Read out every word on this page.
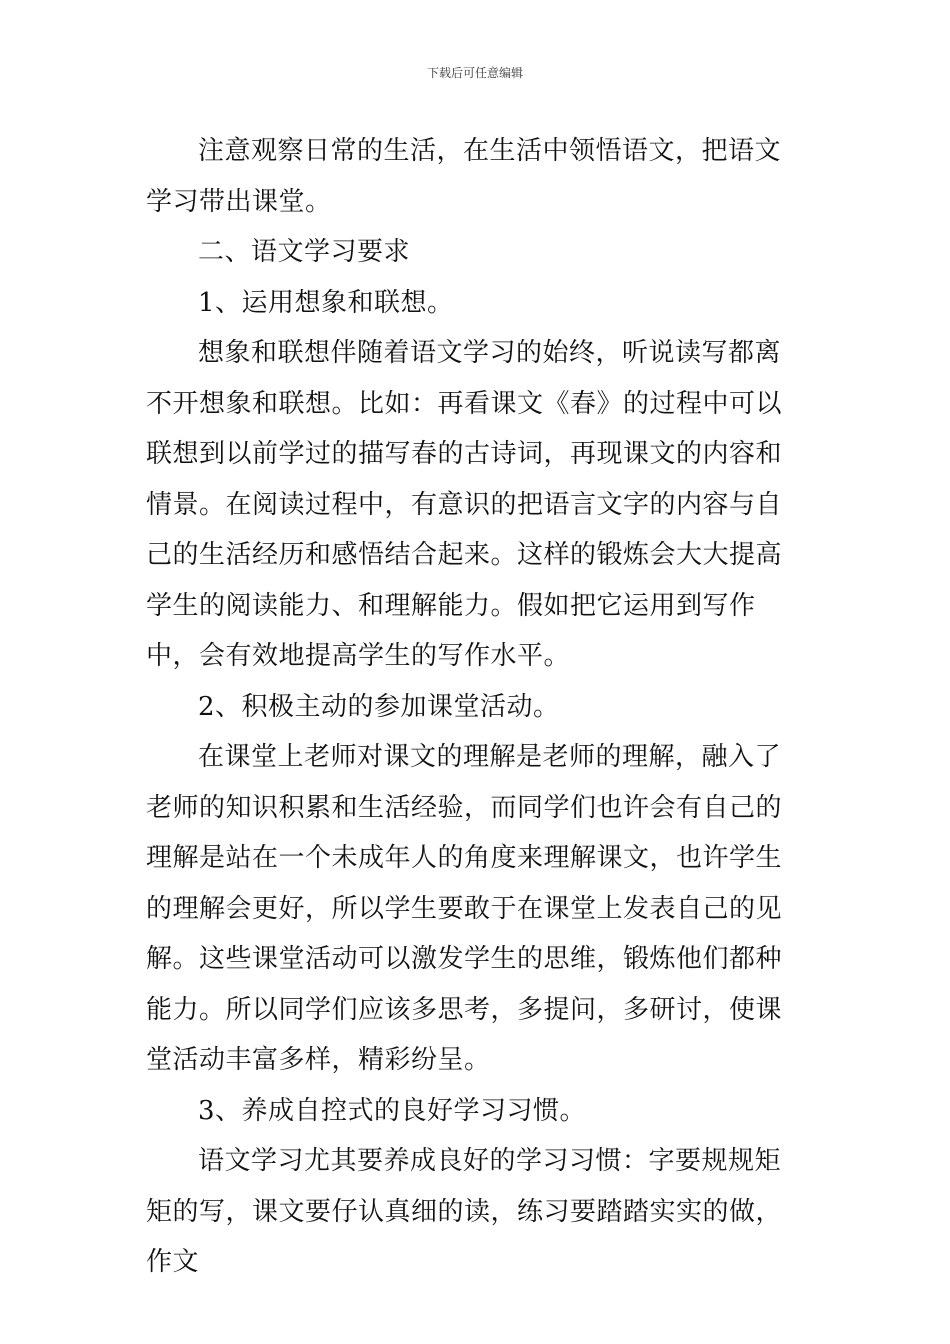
下载后可任意编辑

注意观察日常的生活，在生活中领悟语文，把语文学习带出课堂。

二、语文学习要求

1、运用想象和联想。

想象和联想伴随着语文学习的始终，听说读写都离不开想象和联想。比如：再看课文《春》的过程中可以联想到以前学过的描写春的古诗词，再现课文的内容和情景。在阅读过程中，有意识的把语言文字的内容与自己的生活经历和感悟结合起来。这样的锻炼会大大提高学生的阅读能力、和理解能力。假如把它运用到写作中，会有效地提高学生的写作水平。

2、积极主动的参加课堂活动。

在课堂上老师对课文的理解是老师的理解，融入了老师的知识积累和生活经验，而同学们也许会有自己的理解是站在一个未成年人的角度来理解课文，也许学生的理解会更好，所以学生要敢于在课堂上发表自己的见解。这些课堂活动可以激发学生的思维，锻炼他们都种能力。所以同学们应该多思考，多提问，多研讨，使课堂活动丰富多样，精彩纷呈。

3、养成自控式的良好学习习惯。

语文学习尤其要养成良好的学习习惯：字要规规矩矩的写，课文要仔认真细的读，练习要踏踏实实的做，作文
